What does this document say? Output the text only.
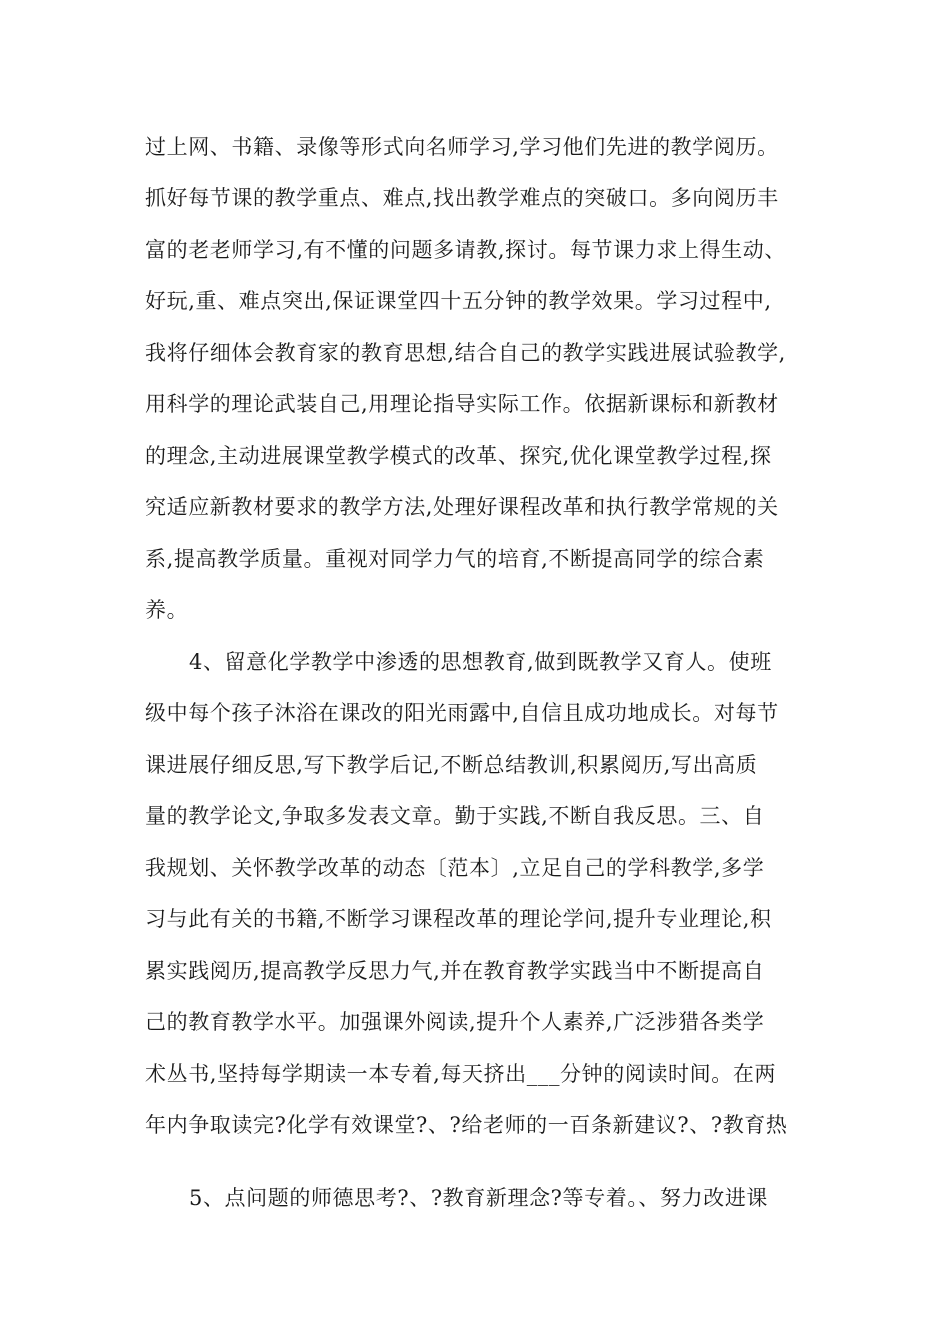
过上网、书籍、录像等形式向名师学习,学习他们先进的教学阅历。
抓好每节课的教学重点、难点,找出教学难点的突破口。多向阅历丰
富的老老师学习,有不懂的问题多请教,探讨。每节课力求上得生动、
好玩,重、难点突出,保证课堂四十五分钟的教学效果。学习过程中,
我将仔细体会教育家的教育思想,结合自己的教学实践进展试验教学,
用科学的理论武装自己,用理论指导实际工作。依据新课标和新教材
的理念,主动进展课堂教学模式的改革、探究,优化课堂教学过程,探
究适应新教材要求的教学方法,处理好课程改革和执行教学常规的关
系,提高教学质量。重视对同学力气的培育,不断提高同学的综合素
养。
4、留意化学教学中渗透的思想教育,做到既教学又育人。使班
级中每个孩子沐浴在课改的阳光雨露中,自信且成功地成长。对每节
课进展仔细反思,写下教学后记,不断总结教训,积累阅历,写出高质
量的教学论文,争取多发表文章。勤于实践,不断自我反思。三、自
我规划、关怀教学改革的动态〔范本〕,立足自己的学科教学,多学
习与此有关的书籍,不断学习课程改革的理论学问,提升专业理论,积
累实践阅历,提高教学反思力气,并在教育教学实践当中不断提高自
己的教育教学水平。加强课外阅读,提升个人素养,广泛涉猎各类学
术丛书,坚持每学期读一本专着,每天挤出___分钟的阅读时间。在两
年内争取读完?化学有效课堂?、?给老师的一百条新建议?、?教育热
5、点问题的师德思考?、?教育新理念?等专着。、努力改进课
